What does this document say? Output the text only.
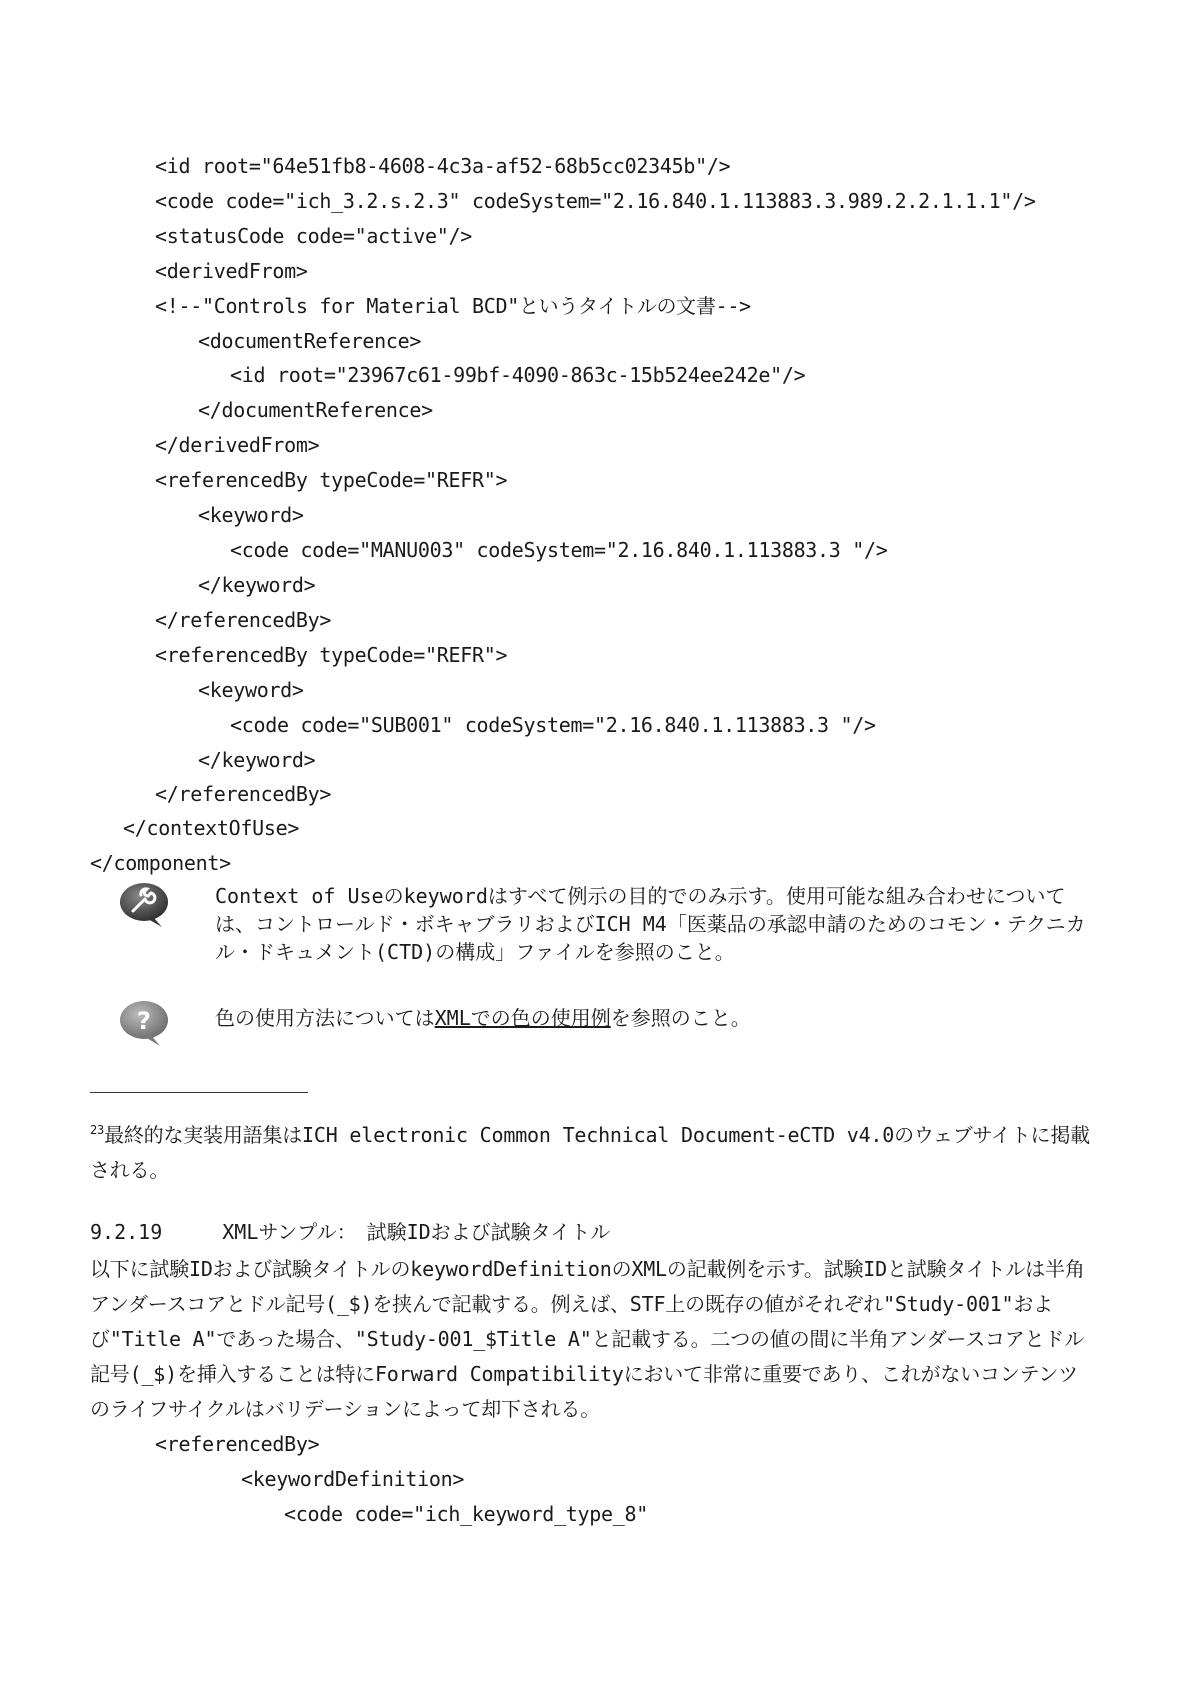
<id root="64e51fb8-4608-4c3a-af52-68b5cc02345b"/>
<code code="ich_3.2.s.2.3" codeSystem="2.16.840.1.113883.3.989.2.2.1.1.1"/>
<statusCode code="active"/>
<derivedFrom>
<!--"Controls for Material BCD"というタイトルの文書-->
<documentReference>
<id root="23967c61-99bf-4090-863c-15b524ee242e"/>
</documentReference>
</derivedFrom>
<referencedBy typeCode="REFR">
<keyword>
<code code="MANU003" codeSystem="2.16.840.1.113883.3 "/>
</keyword>
</referencedBy>
<referencedBy typeCode="REFR">
<keyword>
<code code="SUB001" codeSystem="2.16.840.1.113883.3 "/>
</keyword>
</referencedBy>
</contextOfUse>
</component>
Context of Useのkeywordはすべて例示の目的でのみ示す。使用可能な組み合わせについては、コントロールド・ボキャブラリおよびICH M4「医薬品の承認申請のためのコモン・テクニカル・ドキュメント(CTD)の構成」ファイルを参照のこと。
?	色の使用方法についてはXMLでの色の使用例を参照のこと。
$^{23}$最終的な実装用語集はICH electronic Common Technical Document-eCTD v4.0のウェブサイトに掲載される。
9.2.19	XMLサンプル：　試験IDおよび試験タイトル
以下に試験IDおよび試験タイトルのkeywordDefinitionのXMLの記載例を示す。試験IDと試験タイトルは半角アンダースコアとドル記号(_$)を挟んで記載する。例えば、STF上の既存の値がそれぞれ"Study-001"および"Title A"であった場合、"Study-001_$Title A"と記載する。二つの値の間に半角アンダースコアとドル記号(_$)を挿入することは特にForward Compatibilityにおいて非常に重要であり、これがないコンテンツのライフサイクルはバリデーションによって却下される。
<referencedBy>
<keywordDefinition>
<code code="ich_keyword_type_8"
